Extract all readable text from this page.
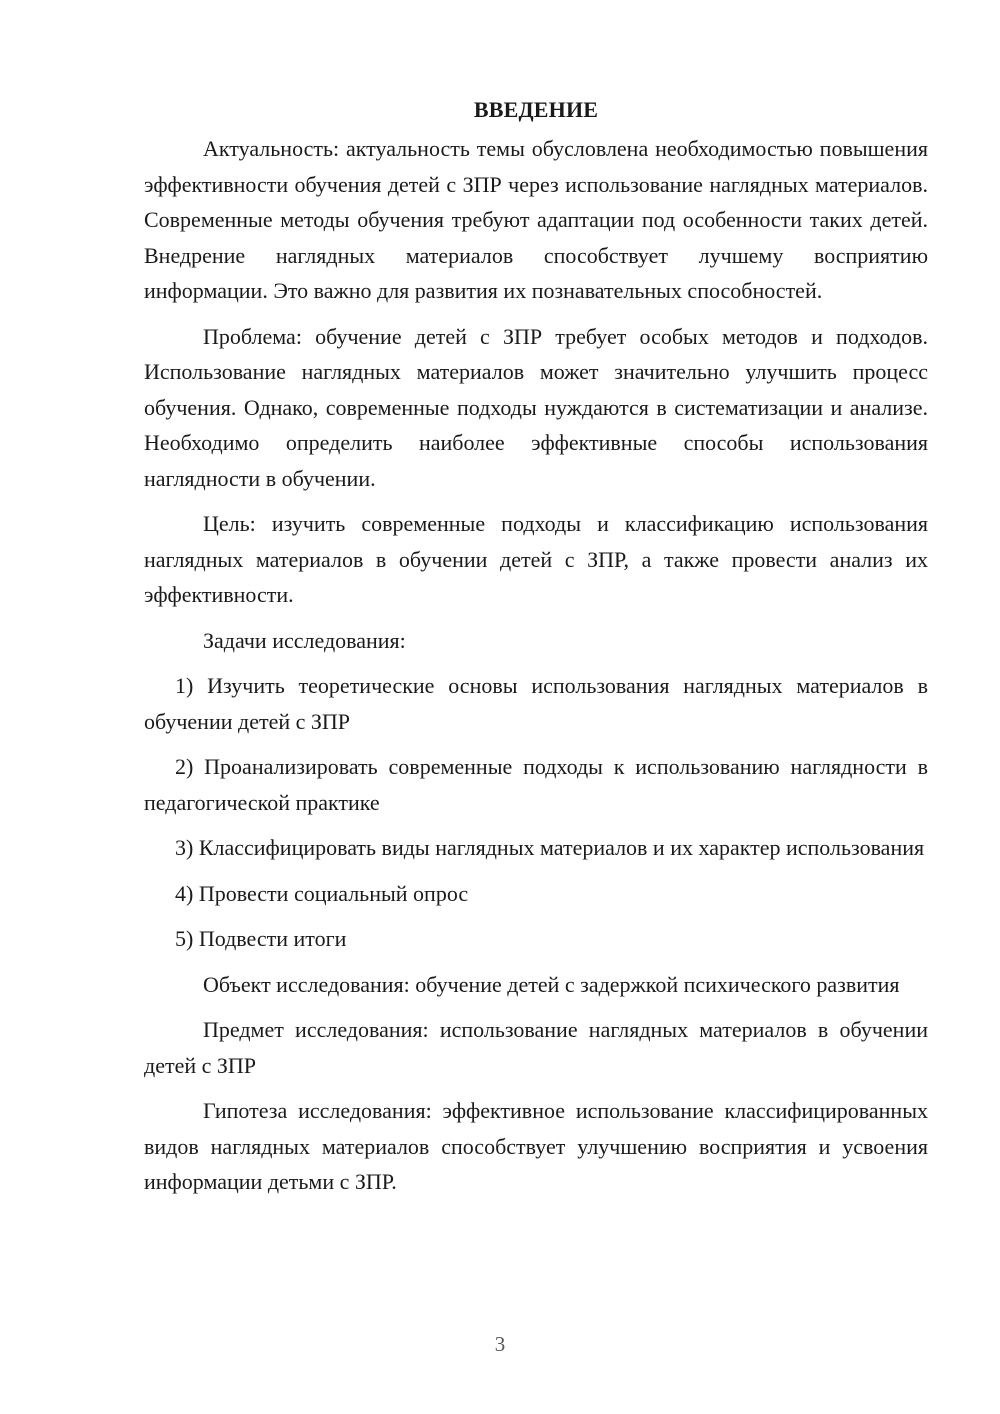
ВВЕДЕНИЕ

Актуальность: актуальность темы обусловлена необходимостью повышения эффективности обучения детей с ЗПР через использование наглядных материалов. Современные методы обучения требуют адаптации под особенности таких детей. Внедрение наглядных материалов способствует лучшему восприятию информации. Это важно для развития их познавательных способностей.

Проблема: обучение детей с ЗПР требует особых методов и подходов. Использование наглядных материалов может значительно улучшить процесс обучения. Однако, современные подходы нуждаются в систематизации и анализе. Необходимо определить наиболее эффективные способы использования наглядности в обучении.

Цель: изучить современные подходы и классификацию использования наглядных материалов в обучении детей с ЗПР, а также провести анализ их эффективности.

Задачи исследования:

1) Изучить теоретические основы использования наглядных материалов в обучении детей с ЗПР

2) Проанализировать современные подходы к использованию наглядности в педагогической практике

3) Классифицировать виды наглядных материалов и их характер использования

4) Провести социальный опрос

5) Подвести итоги

Объект исследования: обучение детей с задержкой психического развития

Предмет исследования: использование наглядных материалов в обучении детей с ЗПР

Гипотеза исследования: эффективное использование классифицированных видов наглядных материалов способствует улучшению восприятия и усвоения информации детьми с ЗПР.

3
